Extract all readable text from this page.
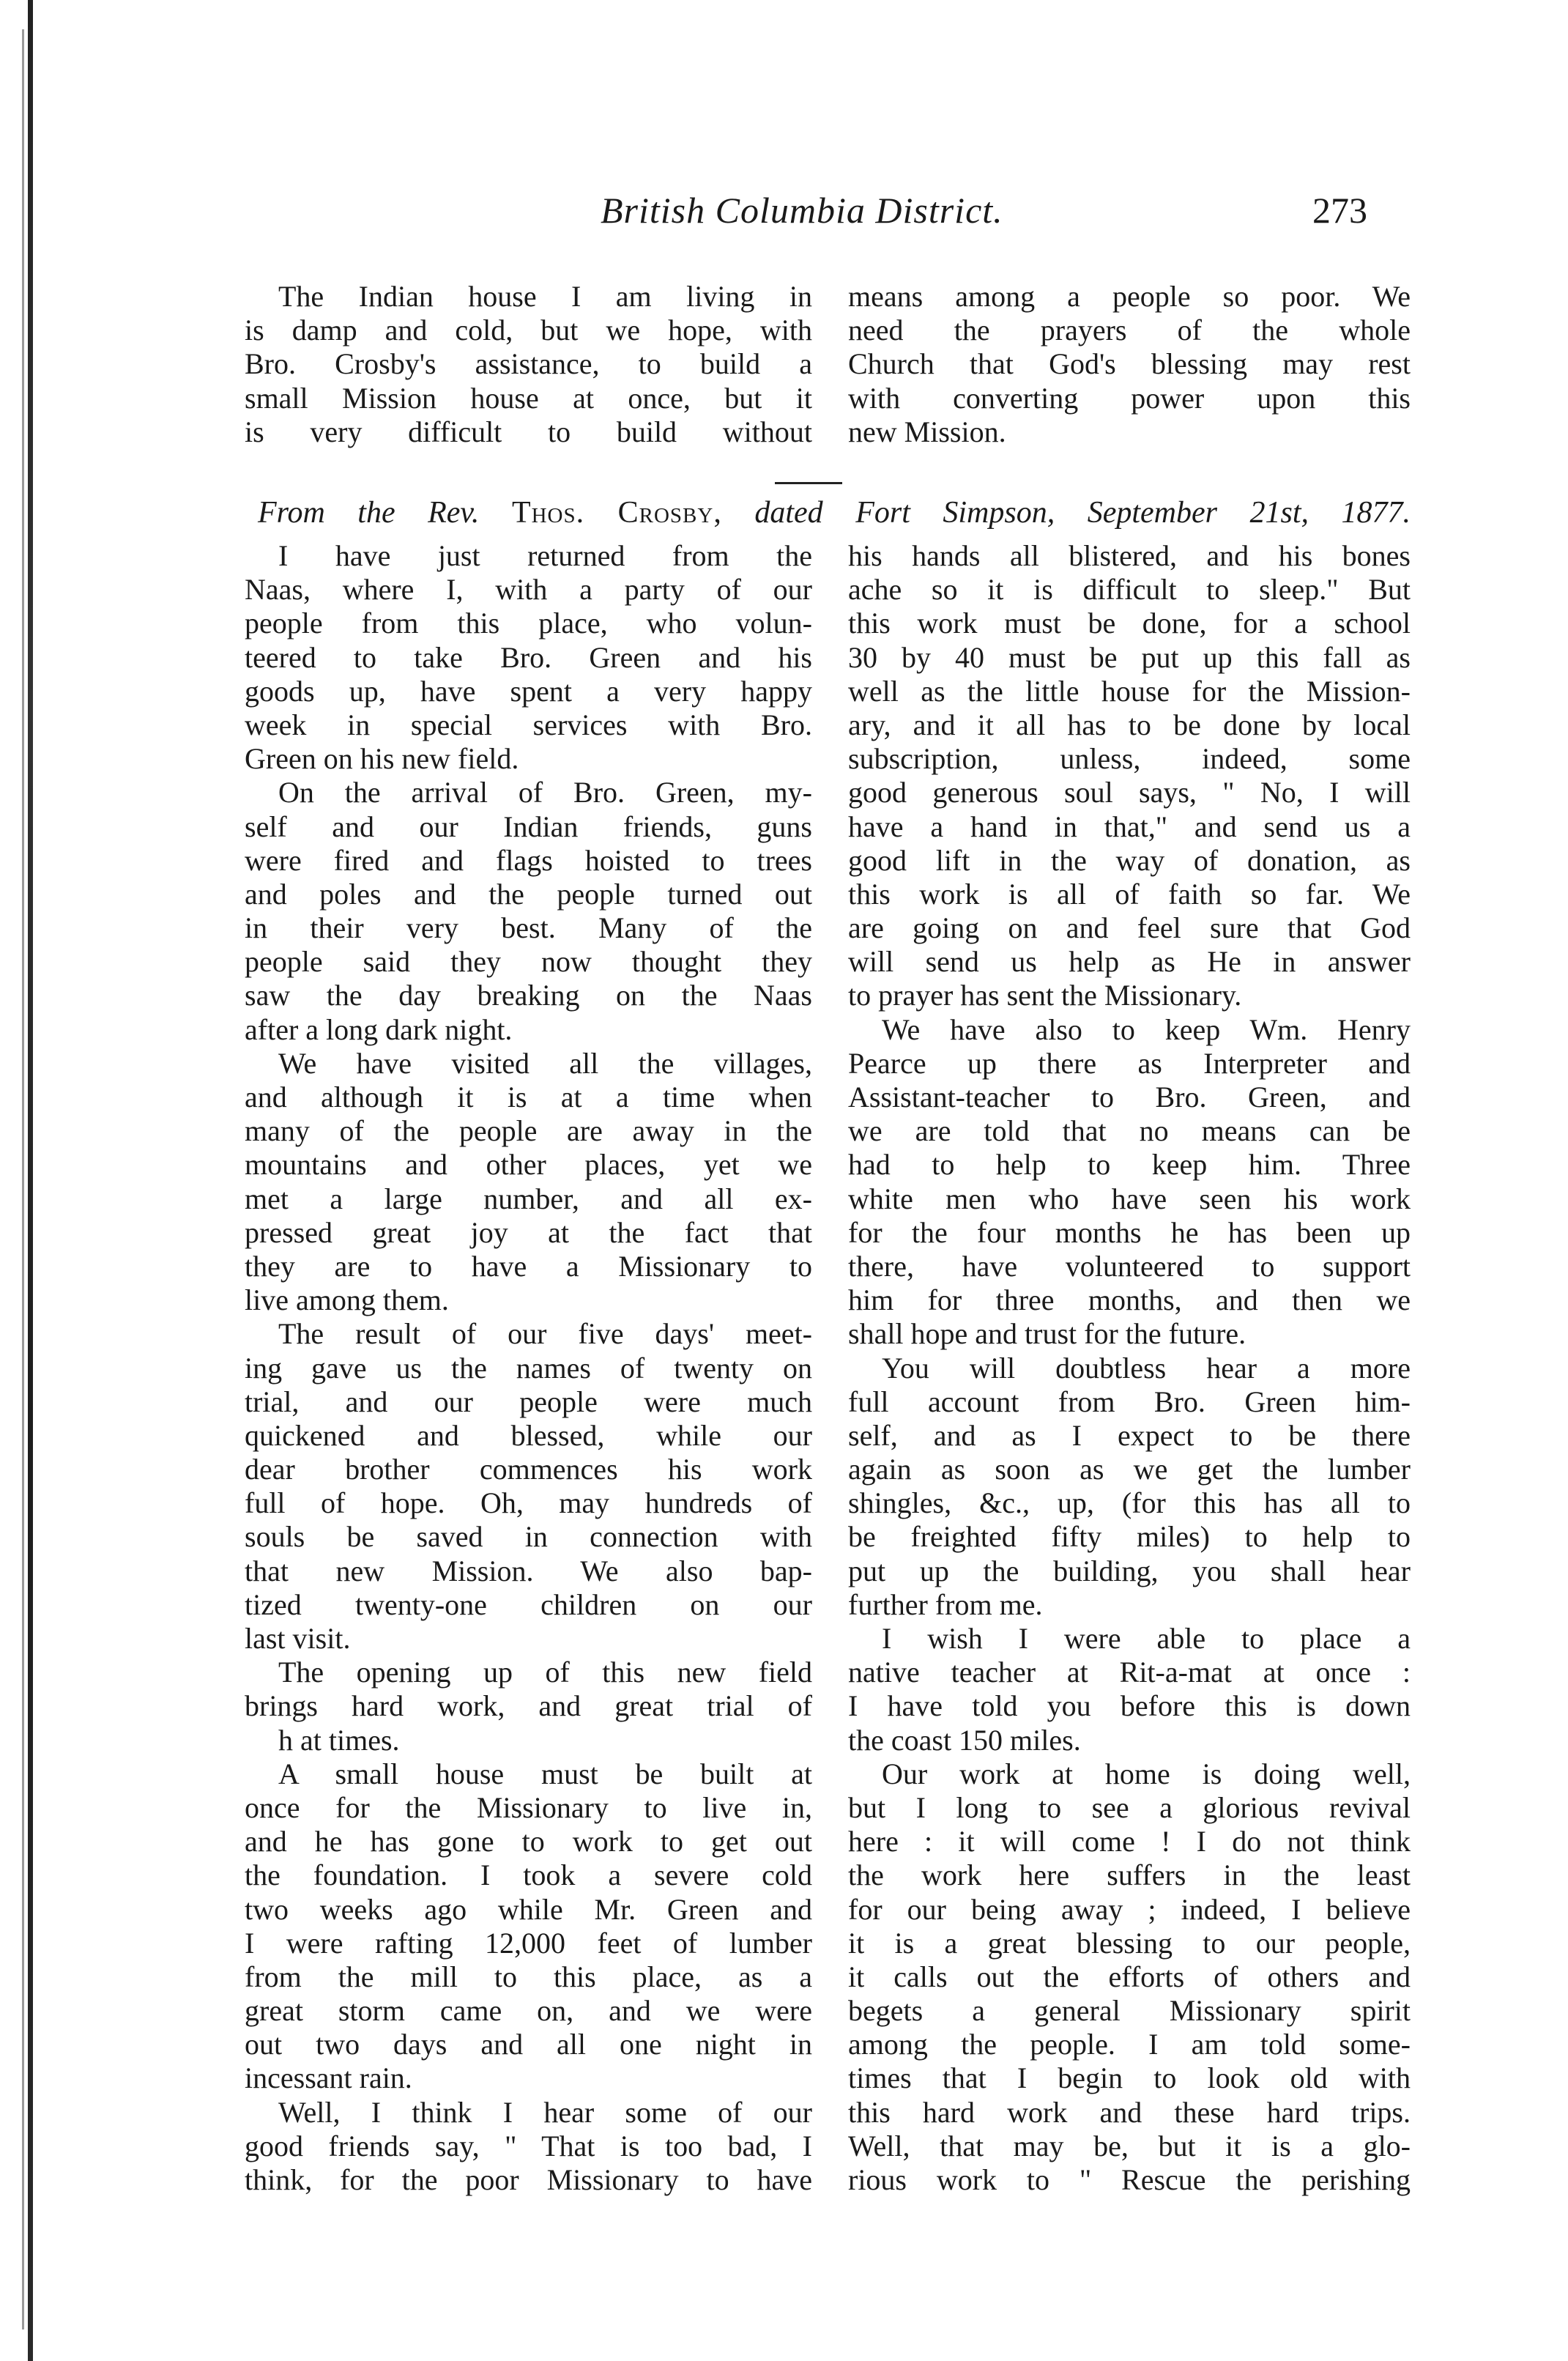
British Columbia District.	273
The Indian house I am living in
is damp and cold, but we hope, with
Bro. Crosby's assistance, to build a
small Mission house at once, but it
is very difficult to build without
means among a people so poor. We
need the prayers of the whole
Church that God's blessing may rest
with converting power upon this
new Mission.
From the Rev. Thos. Crosby, dated Fort Simpson, September 21st, 1877.
I have just returned from the
Naas, where I, with a party of our
people from this place, who volun-
teered to take Bro. Green and his
goods up, have spent a very happy
week in special services with Bro.
Green on his new field.
On the arrival of Bro. Green, my-
self and our Indian friends, guns
were fired and flags hoisted to trees
and poles and the people turned out
in their very best. Many of the
people said they now thought they
saw the day breaking on the Naas
after a long dark night.
We have visited all the villages,
and although it is at a time when
many of the people are away in the
mountains and other places, yet we
met a large number, and all ex-
pressed great joy at the fact that
they are to have a Missionary to
live among them.
The result of our five days' meet-
ing gave us the names of twenty on
trial, and our people were much
quickened and blessed, while our
dear brother commences his work
full of hope. Oh, may hundreds of
souls be saved in connection with
that new Mission. We also bap-
tized twenty-one children on our
last visit.
The opening up of this new field
brings hard work, and great trial of
h at times.
A small house must be built at
once for the Missionary to live in,
and he has gone to work to get out
the foundation. I took a severe cold
two weeks ago while Mr. Green and
I were rafting 12,000 feet of lumber
from the mill to this place, as a
great storm came on, and we were
out two days and all one night in
incessant rain.
Well, I think I hear some of our
good friends say, " That is too bad, I
think, for the poor Missionary to have
his hands all blistered, and his bones
ache so it is difficult to sleep." But
this work must be done, for a school
30 by 40 must be put up this fall as
well as the little house for the Mission-
ary, and it all has to be done by local
subscription, unless, indeed, some
good generous soul says, " No, I will
have a hand in that," and send us a
good lift in the way of donation, as
this work is all of faith so far. We
are going on and feel sure that God
will send us help as He in answer
to prayer has sent the Missionary.
We have also to keep Wm. Henry
Pearce up there as Interpreter and
Assistant-teacher to Bro. Green, and
we are told that no means can be
had to help to keep him. Three
white men who have seen his work
for the four months he has been up
there, have volunteered to support
him for three months, and then we
shall hope and trust for the future.
You will doubtless hear a more
full account from Bro. Green him-
self, and as I expect to be there
again as soon as we get the lumber
shingles, &c., up, (for this has all to
be freighted fifty miles) to help to
put up the building, you shall hear
further from me.
I wish I were able to place a
native teacher at Rit-a-mat at once :
I have told you before this is down
the coast 150 miles.
Our work at home is doing well,
but I long to see a glorious revival
here : it will come ! I do not think
the work here suffers in the least
for our being away ; indeed, I believe
it is a great blessing to our people,
it calls out the efforts of others and
begets a general Missionary spirit
among the people. I am told some-
times that I begin to look old with
this hard work and these hard trips.
Well, that may be, but it is a glo-
rious work to " Rescue the perishing
